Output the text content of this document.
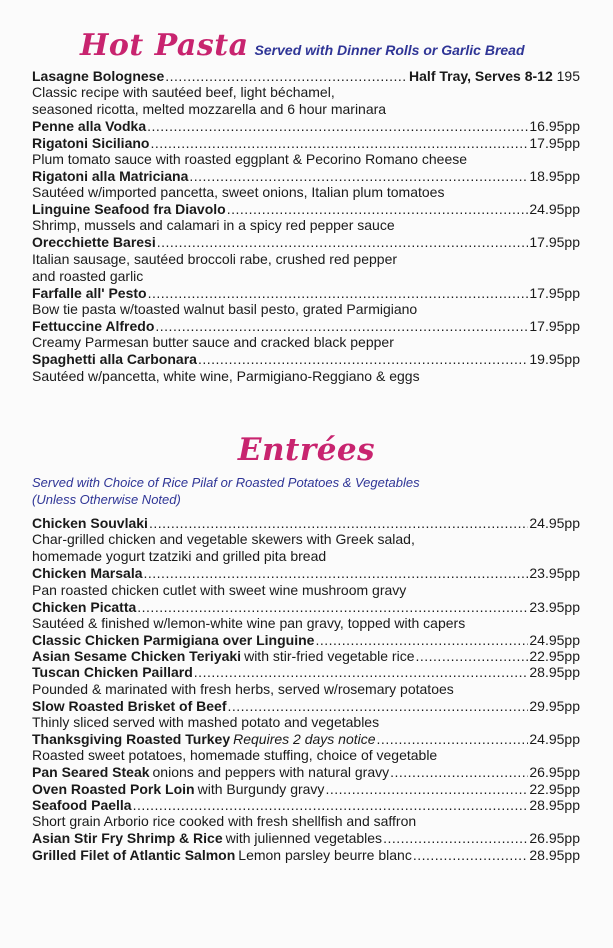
Hot Pasta Served with Dinner Rolls or Garlic Bread
Lasagne Bolognese .....	Half Tray, Serves 8-12 195
Classic recipe with sautéed beef, light béchamel,
seasoned ricotta, melted mozzarella and 6 hour marinara
Penne alla Vodka .....	16.95pp
Rigatoni Siciliano .....	17.95pp
Plum tomato sauce with roasted eggplant & Pecorino Romano cheese
Rigatoni alla Matriciana .....	18.95pp
Sautéed w/imported pancetta, sweet onions, Italian plum tomatoes
Linguine Seafood fra Diavolo .....	24.95pp
Shrimp, mussels and calamari in a spicy red pepper sauce
Orecchiette Baresi .....	17.95pp
Italian sausage, sautéed broccoli rabe, crushed red pepper
and roasted garlic
Farfalle all' Pesto .....	17.95pp
Bow tie pasta w/toasted walnut basil pesto, grated Parmigiano
Fettuccine Alfredo .....	17.95pp
Creamy Parmesan butter sauce and cracked black pepper
Spaghetti alla Carbonara .....	19.95pp
Sautéed w/pancetta, white wine, Parmigiano-Reggiano & eggs
Entrées
Served with Choice of Rice Pilaf or Roasted Potatoes & Vegetables
(Unless Otherwise Noted)
Chicken Souvlaki .....	24.95pp
Char-grilled chicken and vegetable skewers with Greek salad,
homemade yogurt tzatziki and grilled pita bread
Chicken Marsala .....	23.95pp
Pan roasted chicken cutlet with sweet wine mushroom gravy
Chicken Picatta .....	23.95pp
Sautéed & finished w/lemon-white wine pan gravy, topped with capers
Classic Chicken Parmigiana over Linguine .....	24.95pp
Asian Sesame Chicken Teriyaki with stir-fried vegetable rice .....	22.95pp
Tuscan Chicken Paillard .....	28.95pp
Pounded & marinated with fresh herbs, served w/rosemary potatoes
Slow Roasted Brisket of Beef .....	29.95pp
Thinly sliced served with mashed potato and vegetables
Thanksgiving Roasted Turkey Requires 2 days notice .....	24.95pp
Roasted sweet potatoes, homemade stuffing, choice of vegetable
Pan Seared Steak onions and peppers with natural gravy .....	26.95pp
Oven Roasted Pork Loin with Burgundy gravy .....	22.95pp
Seafood Paella .....	28.95pp
Short grain Arborio rice cooked with fresh shellfish and saffron
Asian Stir Fry Shrimp & Rice with julienned vegetables .....	26.95pp
Grilled Filet of Atlantic Salmon Lemon parsley beurre blanc .....	28.95pp
